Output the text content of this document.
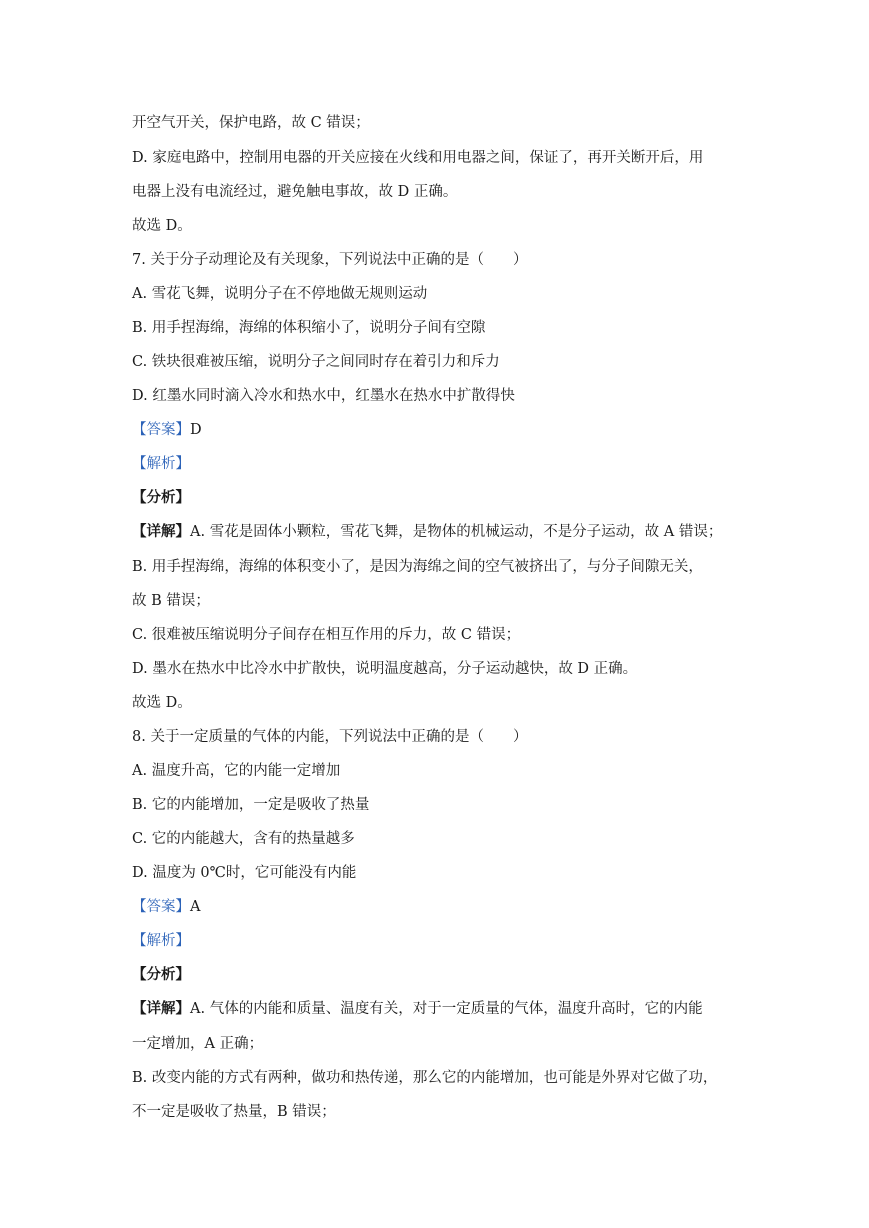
开空气开关，保护电路，故 C 错误；
D. 家庭电路中，控制用电器的开关应接在火线和用电器之间，保证了，再开关断开后，用
电器上没有电流经过，避免触电事故，故 D 正确。
故选 D。
7. 关于分子动理论及有关现象，下列说法中正确的是（　　）
A. 雪花飞舞，说明分子在不停地做无规则运动
B. 用手捏海绵，海绵的体积缩小了，说明分子间有空隙
C. 铁块很难被压缩，说明分子之间同时存在着引力和斥力
D. 红墨水同时滴入冷水和热水中，红墨水在热水中扩散得快
【答案】D
【解析】
【分析】
【详解】A. 雪花是固体小颗粒，雪花飞舞，是物体的机械运动，不是分子运动，故 A 错误；
B. 用手捏海绵，海绵的体积变小了，是因为海绵之间的空气被挤出了，与分子间隙无关，
故 B 错误；
C. 很难被压缩说明分子间存在相互作用的斥力，故 C 错误；
D. 墨水在热水中比冷水中扩散快，说明温度越高，分子运动越快，故 D 正确。
故选 D。
8. 关于一定质量的气体的内能，下列说法中正确的是（　　）
A. 温度升高，它的内能一定增加
B. 它的内能增加，一定是吸收了热量
C. 它的内能越大，含有的热量越多
D. 温度为 0℃时，它可能没有内能
【答案】A
【解析】
【分析】
【详解】A. 气体的内能和质量、温度有关，对于一定质量的气体，温度升高时，它的内能
一定增加，A 正确；
B. 改变内能的方式有两种，做功和热传递，那么它的内能增加，也可能是外界对它做了功，
不一定是吸收了热量，B 错误；
